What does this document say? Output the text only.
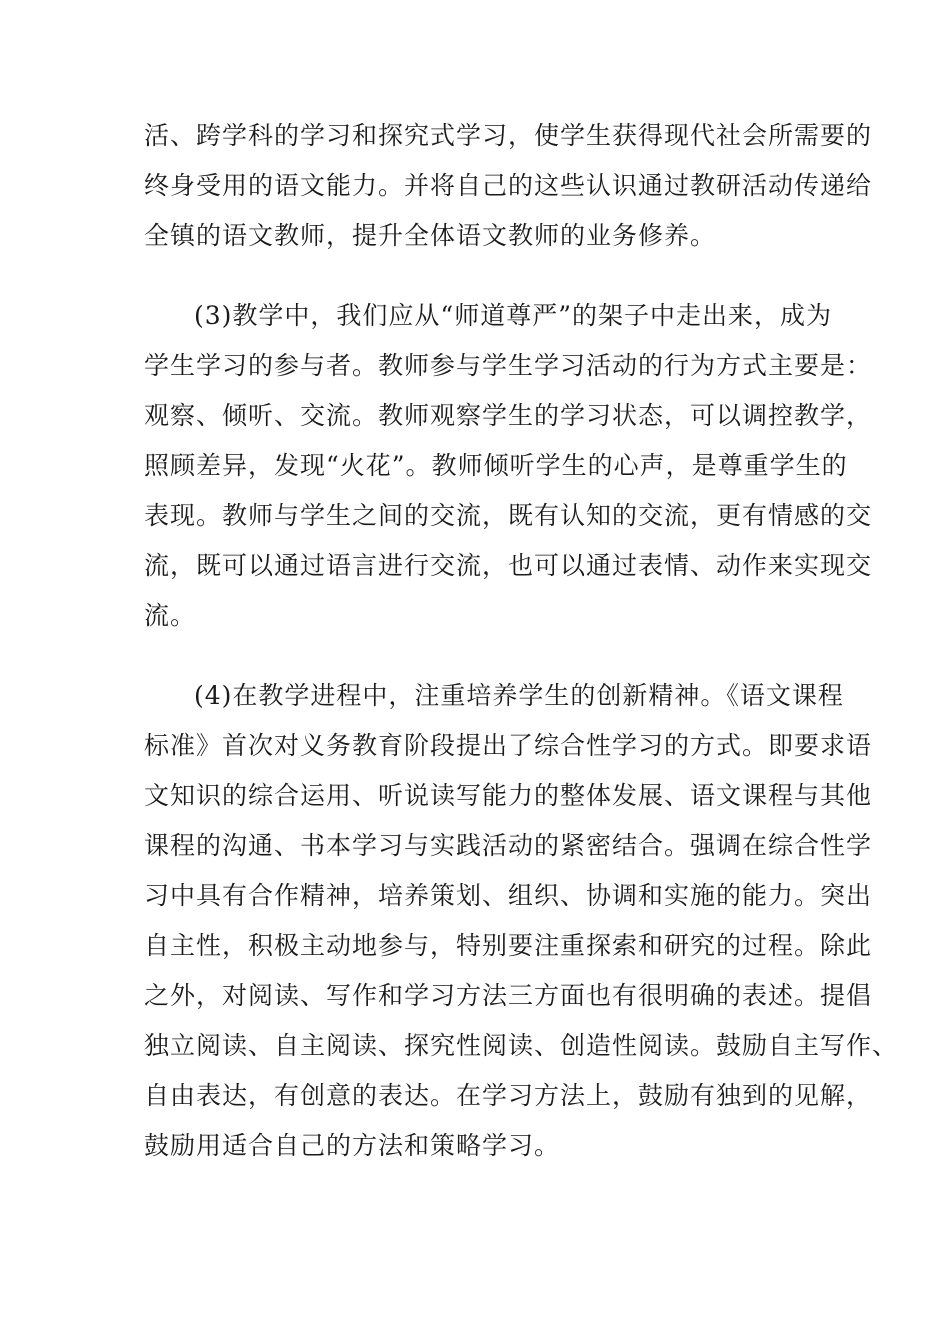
活、跨学科的学习和探究式学习，使学生获得现代社会所需要的
终身受用的语文能力。并将自己的这些认识通过教研活动传递给
全镇的语文教师，提升全体语文教师的业务修养。

(3)教学中，我们应从“师道尊严”的架子中走出来，成为
学生学习的参与者。教师参与学生学习活动的行为方式主要是：
观察、倾听、交流。教师观察学生的学习状态，可以调控教学，
照顾差异，发现“火花”。教师倾听学生的心声，是尊重学生的
表现。教师与学生之间的交流，既有认知的交流，更有情感的交
流，既可以通过语言进行交流，也可以通过表情、动作来实现交
流。

(4)在教学进程中，注重培养学生的创新精神。《语文课程
标准》首次对义务教育阶段提出了综合性学习的方式。即要求语
文知识的综合运用、听说读写能力的整体发展、语文课程与其他
课程的沟通、书本学习与实践活动的紧密结合。强调在综合性学
习中具有合作精神，培养策划、组织、协调和实施的能力。突出
自主性，积极主动地参与，特别要注重探索和研究的过程。除此
之外，对阅读、写作和学习方法三方面也有很明确的表述。提倡
独立阅读、自主阅读、探究性阅读、创造性阅读。鼓励自主写作、
自由表达，有创意的表达。在学习方法上，鼓励有独到的见解，
鼓励用适合自己的方法和策略学习。
